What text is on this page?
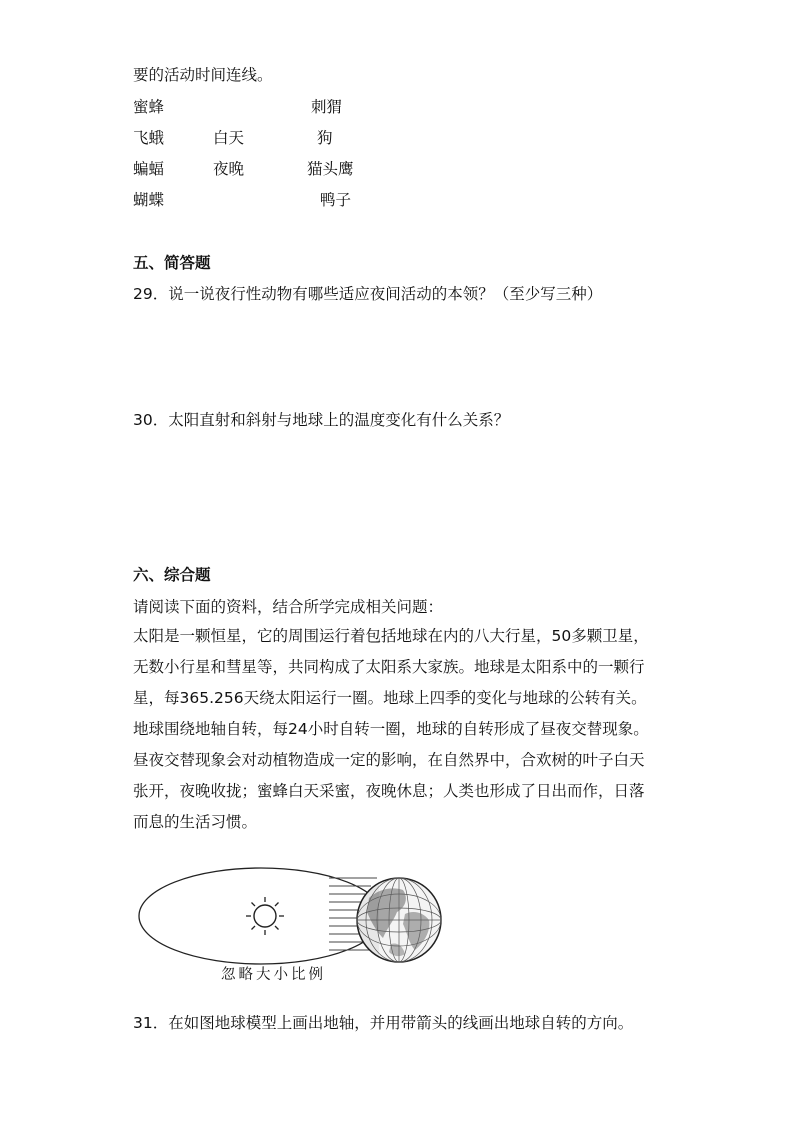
要的活动时间连线。
蜜蜂
飞蛾
蝙蝠
蝴蝶
白天
夜晚
刺猬
狗
猫头鹰
鸭子
五、简答题
29．说一说夜行性动物有哪些适应夜间活动的本领？（至少写三种）
30．太阳直射和斜射与地球上的温度变化有什么关系？
六、综合题
请阅读下面的资料，结合所学完成相关问题：
太阳是一颗恒星，它的周围运行着包括地球在内的八大行星，50多颗卫星，
无数小行星和彗星等，共同构成了太阳系大家族。地球是太阳系中的一颗行
星，每365.256天绕太阳运行一圈。地球上四季的变化与地球的公转有关。
地球围绕地轴自转，每24小时自转一圈，地球的自转形成了昼夜交替现象。
昼夜交替现象会对动植物造成一定的影响，在自然界中，合欢树的叶子白天
张开，夜晚收拢；蜜蜂白天采蜜，夜晚休息；人类也形成了日出而作，日落
而息的生活习惯。
忽略大小比例
31．在如图地球模型上画出地轴，并用带箭头的线画出地球自转的方向。
